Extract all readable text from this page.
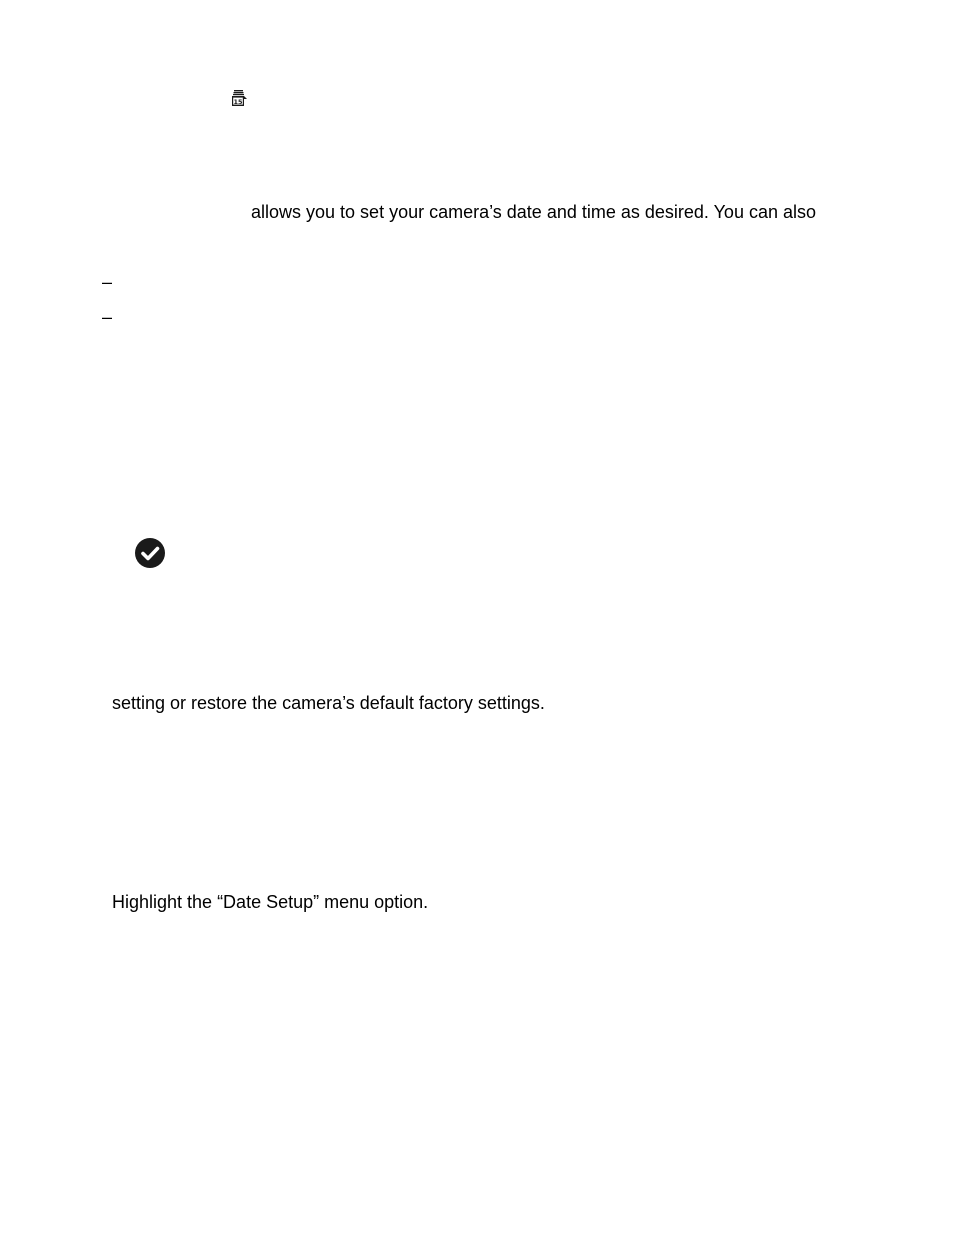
15
allows you to set your camera’s date and time as desired. You can also
–
–
setting or restore the camera’s default factory settings.
Highlight the “Date Setup” menu option.
